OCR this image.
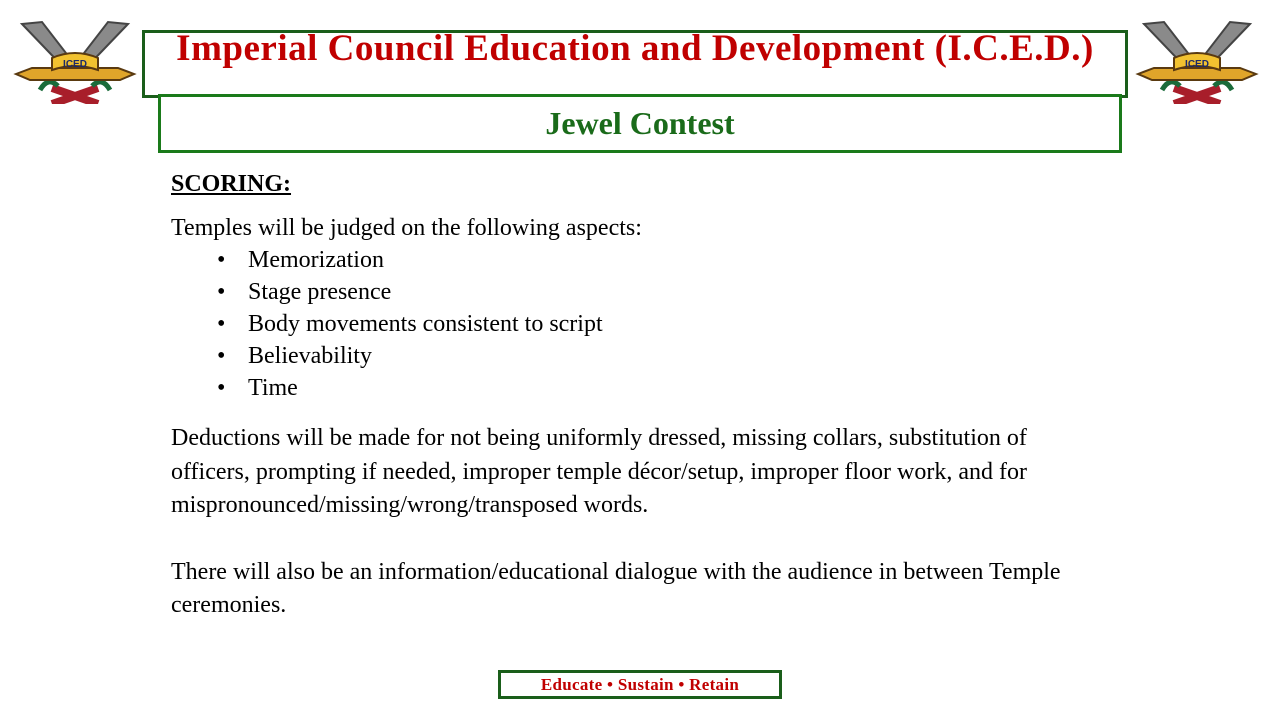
ICED	ICED
Imperial Council Education and Development (I.C.E.D.)
Jewel Contest

SCORING:

Temples will be judged on the following aspects:

• Memorization
• Stage presence
• Body movements consistent to script
• Believability
• Time

Deductions will be made for not being uniformly dressed, missing collars, substitution of officers, prompting if needed, improper temple décor/setup, improper floor work, and for mispronounced/missing/wrong/transposed words.

There will also be an information/educational dialogue with the audience in between Temple ceremonies.

Educate • Sustain • Retain
